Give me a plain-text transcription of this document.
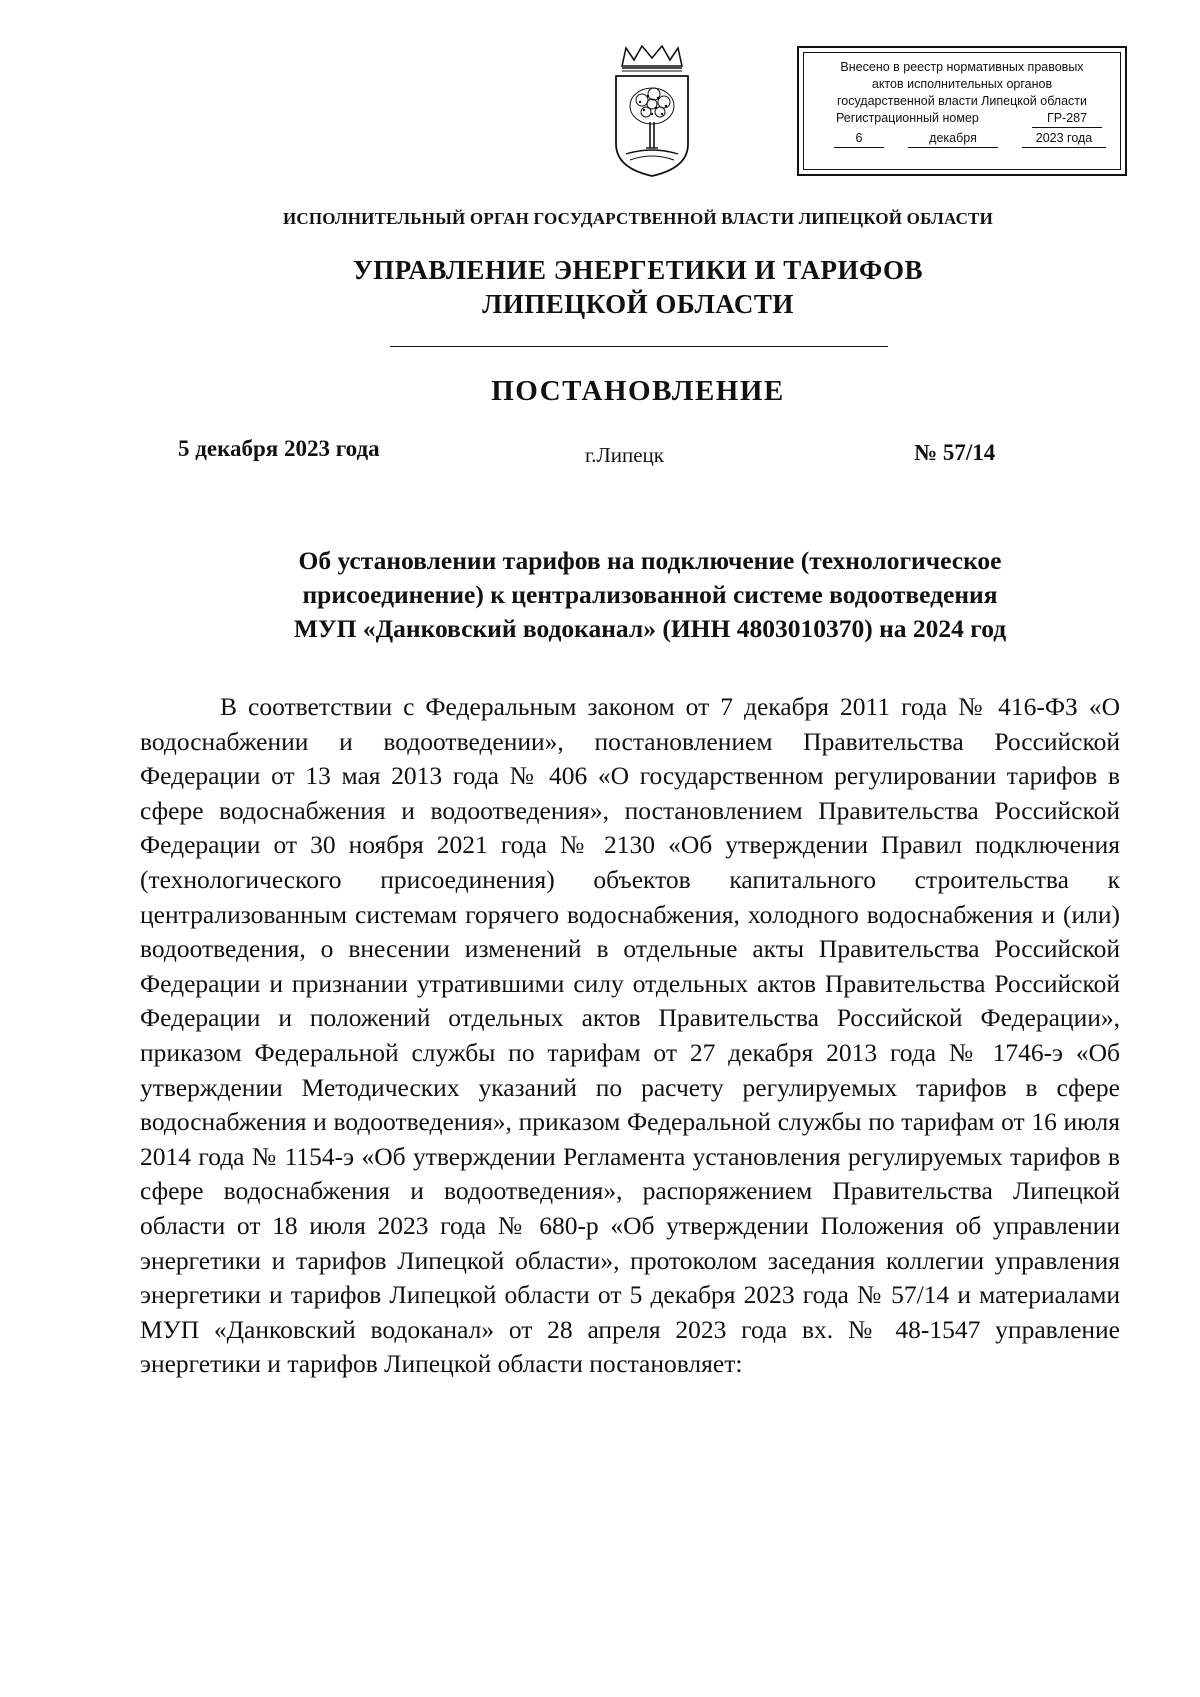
Внесено в реестр нормативных правовых
актов исполнительных органов
государственной власти Липецкой области
Регистрационный номер	ГР-287
6	декабря	2023 года
ИСПОЛНИТЕЛЬНЫЙ ОРГАН ГОСУДАРСТВЕННОЙ ВЛАСТИ ЛИПЕЦКОЙ ОБЛАСТИ
УПРАВЛЕНИЕ ЭНЕРГЕТИКИ И ТАРИФОВ
ЛИПЕЦКОЙ ОБЛАСТИ
ПОСТАНОВЛЕНИЕ
5 декабря 2023 года	г.Липецк	№ 57/14
Об установлении тарифов на подключение (технологическое
присоединение) к централизованной системе водоотведения
МУП «Данковский водоканал» (ИНН 4803010370) на 2024 год
В соответствии с Федеральным законом от 7 декабря 2011 года № 416-ФЗ «О водоснабжении и водоотведении», постановлением Правительства Российской Федерации от 13 мая 2013 года № 406 «О государственном регулировании тарифов в сфере водоснабжения и водоотведения», постановлением Правительства Российской Федерации от 30 ноября 2021 года № 2130 «Об утверждении Правил подключения (технологического присоединения) объектов капитального строительства к централизованным системам горячего водоснабжения, холодного водоснабжения и (или) водоотведения, о внесении изменений в отдельные акты Правительства Российской Федерации и признании утратившими силу отдельных актов Правительства Российской Федерации и положений отдельных актов Правительства Российской Федерации», приказом Федеральной службы по тарифам от 27 декабря 2013 года № 1746-э «Об утверждении Методических указаний по расчету регулируемых тарифов в сфере водоснабжения и водоотведения», приказом Федеральной службы по тарифам от 16 июля 2014 года № 1154-э «Об утверждении Регламента установления регулируемых тарифов в сфере водоснабжения и водоотведения», распоряжением Правительства Липецкой области от 18 июля 2023 года № 680-р «Об утверждении Положения об управлении энергетики и тарифов Липецкой области», протоколом заседания коллегии управления энергетики и тарифов Липецкой области от 5 декабря 2023 года № 57/14 и материалами МУП «Данковский водоканал» от 28 апреля 2023 года вх. № 48-1547 управление энергетики и тарифов Липецкой области постановляет:
